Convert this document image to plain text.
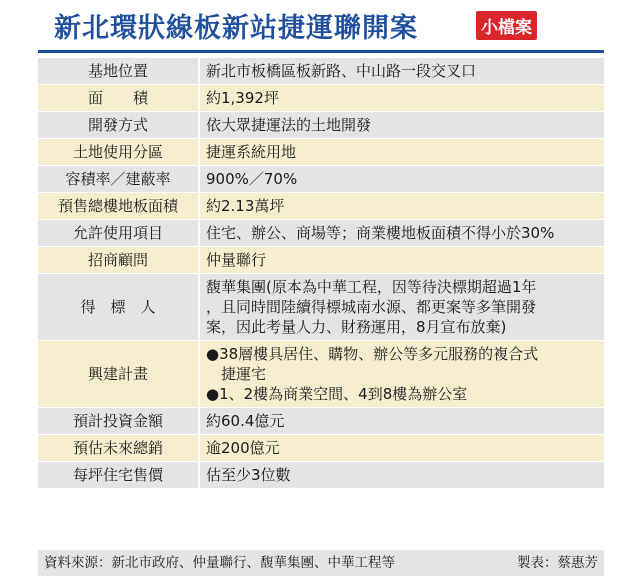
新北環狀線板新站捷運聯開案	小檔案
基地位置	新北市板橋區板新路、中山路一段交叉口
面　　積	約1,392坪
開發方式	依大眾捷運法的土地開發
土地使用分區	捷運系統用地
容積率／建蔽率	900%／70%
預售總樓地板面積	約2.13萬坪
允許使用項目	住宅、辦公、商場等；商業樓地板面積不得小於30%
招商顧問	仲量聯行
得　標　人	馥華集團(原本為中華工程，因等待決標期超過1年
，且同時間陸續得標城南水源、都更案等多筆開發
案，因此考量人力、財務運用，8月宣布放棄)
興建計畫	●38層樓具居住、購物、辦公等多元服務的複合式
　捷運宅
●1、2樓為商業空間、4到8樓為辦公室
預計投資金額	約60.4億元
預估未來總銷	逾200億元
每坪住宅售價	估至少3位數
資料來源：新北市政府、仲量聯行、馥華集團、中華工程等	製表：蔡惠芳
